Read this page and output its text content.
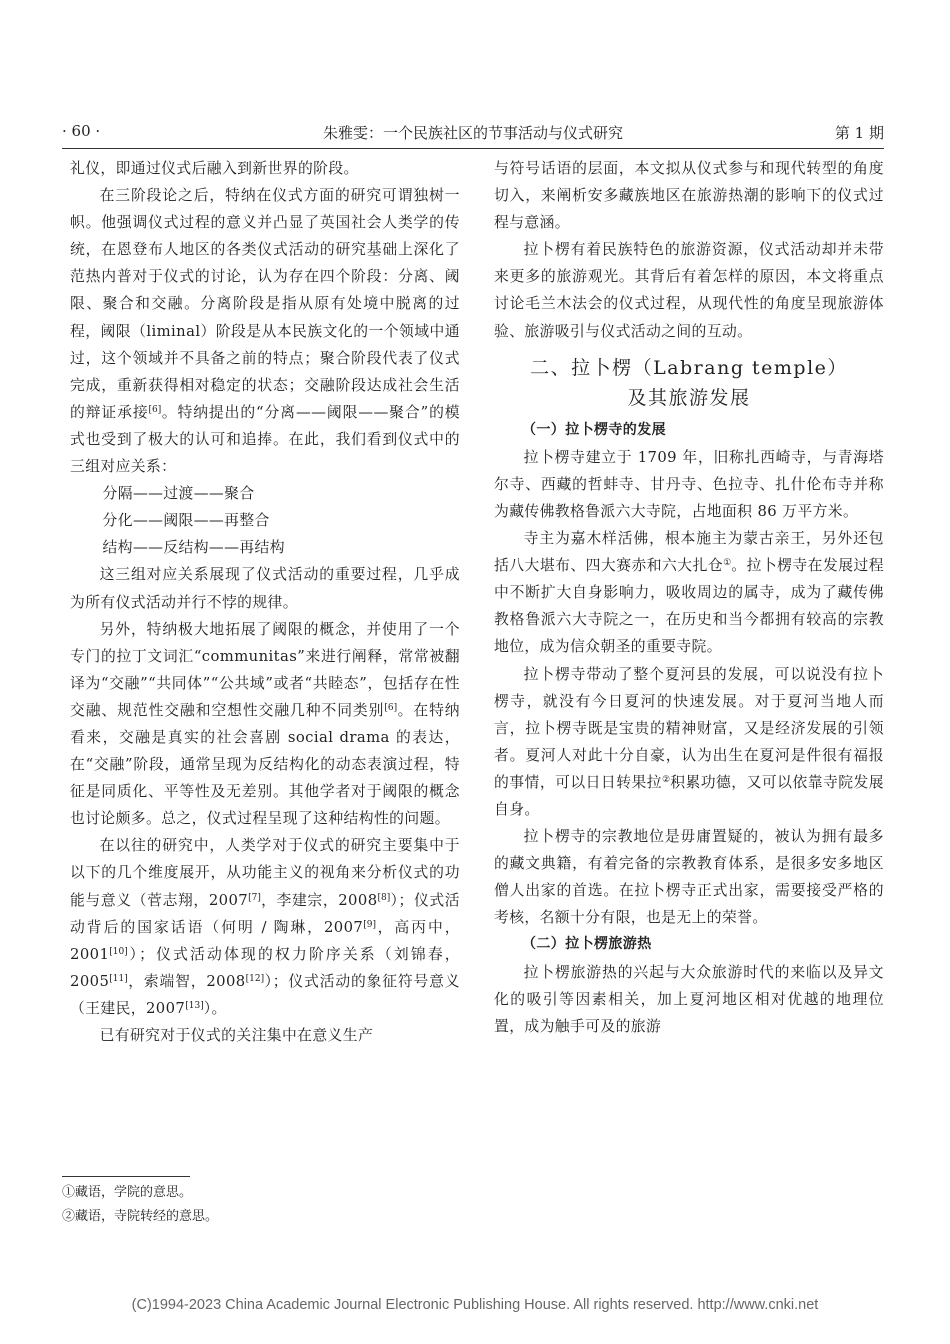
· 60 ·	朱雅雯：一个民族社区的节事活动与仪式研究	第 1 期

礼仪，即通过仪式后融入到新世界的阶段。

在三阶段论之后，特纳在仪式方面的研究可谓独树一帜。他强调仪式过程的意义并凸显了英国社会人类学的传统，在恩登布人地区的各类仪式活动的研究基础上深化了范热内普对于仪式的讨论，认为存在四个阶段：分离、阈限、聚合和交融。分离阶段是指从原有处境中脱离的过程，阈限（liminal）阶段是从本民族文化的一个领域中通过，这个领域并不具备之前的特点；聚合阶段代表了仪式完成，重新获得相对稳定的状态；交融阶段达成社会生活的辩证承接[6]。特纳提出的“分离——阈限——聚合”的模式也受到了极大的认可和追捧。在此，我们看到仪式中的三组对应关系：

分隔——过渡——聚合

分化——阈限——再整合

结构——反结构——再结构

这三组对应关系展现了仪式活动的重要过程，几乎成为所有仪式活动并行不悖的规律。

另外，特纳极大地拓展了阈限的概念，并使用了一个专门的拉丁文词汇“communitas”来进行阐释，常常被翻译为“交融”“共同体”“公共域”或者“共睦态”，包括存在性交融、规范性交融和空想性交融几种不同类别[6]。在特纳看来，交融是真实的社会喜剧 social drama 的表达，在“交融”阶段，通常呈现为反结构化的动态表演过程，特征是同质化、平等性及无差别。其他学者对于阈限的概念也讨论颇多。总之，仪式过程呈现了这种结构性的问题。

在以往的研究中，人类学对于仪式的研究主要集中于以下的几个维度展开，从功能主义的视角来分析仪式的功能与意义（菅志翔，2007[7]，李建宗，2008[8]）；仪式活动背后的国家话语（何明 / 陶琳，2007[9]，高丙中，2001[10]）；仪式活动体现的权力阶序关系（刘锦春，2005[11]，索端智，2008[12]）；仪式活动的象征符号意义（王建民，2007[13]）。

已有研究对于仪式的关注集中在意义生产

与符号话语的层面，本文拟从仪式参与和现代转型的角度切入，来阐析安多藏族地区在旅游热潮的影响下的仪式过程与意涵。

拉卜楞有着民族特色的旅游资源，仪式活动却并未带来更多的旅游观光。其背后有着怎样的原因，本文将重点讨论毛兰木法会的仪式过程，从现代性的角度呈现旅游体验、旅游吸引与仪式活动之间的互动。

二、拉卜楞（Labrang temple）
及其旅游发展

（一）拉卜楞寺的发展

拉卜楞寺建立于 1709 年，旧称扎西崎寺，与青海塔尔寺、西藏的哲蚌寺、甘丹寺、色拉寺、扎什伦布寺并称为藏传佛教格鲁派六大寺院，占地面积 86 万平方米。

寺主为嘉木样活佛，根本施主为蒙古亲王，另外还包括八大堪布、四大赛赤和六大扎仓①。拉卜楞寺在发展过程中不断扩大自身影响力，吸收周边的属寺，成为了藏传佛教格鲁派六大寺院之一，在历史和当今都拥有较高的宗教地位，成为信众朝圣的重要寺院。

拉卜楞寺带动了整个夏河县的发展，可以说没有拉卜楞寺，就没有今日夏河的快速发展。对于夏河当地人而言，拉卜楞寺既是宝贵的精神财富，又是经济发展的引领者。夏河人对此十分自豪，认为出生在夏河是件很有福报的事情，可以日日转果拉②积累功德，又可以依靠寺院发展自身。

拉卜楞寺的宗教地位是毋庸置疑的，被认为拥有最多的藏文典籍，有着完备的宗教教育体系，是很多安多地区僧人出家的首选。在拉卜楞寺正式出家，需要接受严格的考核，名额十分有限，也是无上的荣誉。

（二）拉卜楞旅游热

拉卜楞旅游热的兴起与大众旅游时代的来临以及异文化的吸引等因素相关，加上夏河地区相对优越的地理位置，成为触手可及的旅游

①藏语，学院的意思。
②藏语，寺院转经的意思。
(C)1994-2023 China Academic Journal Electronic Publishing House. All rights reserved. http://www.cnki.net
